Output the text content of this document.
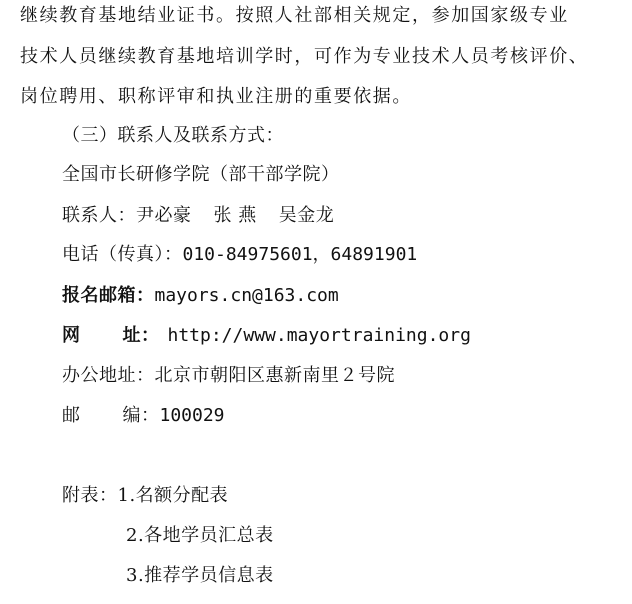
继续教育基地结业证书。按照人社部相关规定，参加国家级专业
技术人员继续教育基地培训学时，可作为专业技术人员考核评价、
岗位聘用、职称评审和执业注册的重要依据。
（三）联系人及联系方式：
全国市长研修学院（部干部学院）
联系人：尹必豪 张 燕 吴金龙
电话（传真）：010-84975601，64891901
报名邮箱：mayors.cn@163.com
网 址： http://www.mayortraining.org
办公地址：北京市朝阳区惠新南里２号院
邮 编：100029
附表：1.名额分配表
2.各地学员汇总表
3.推荐学员信息表
